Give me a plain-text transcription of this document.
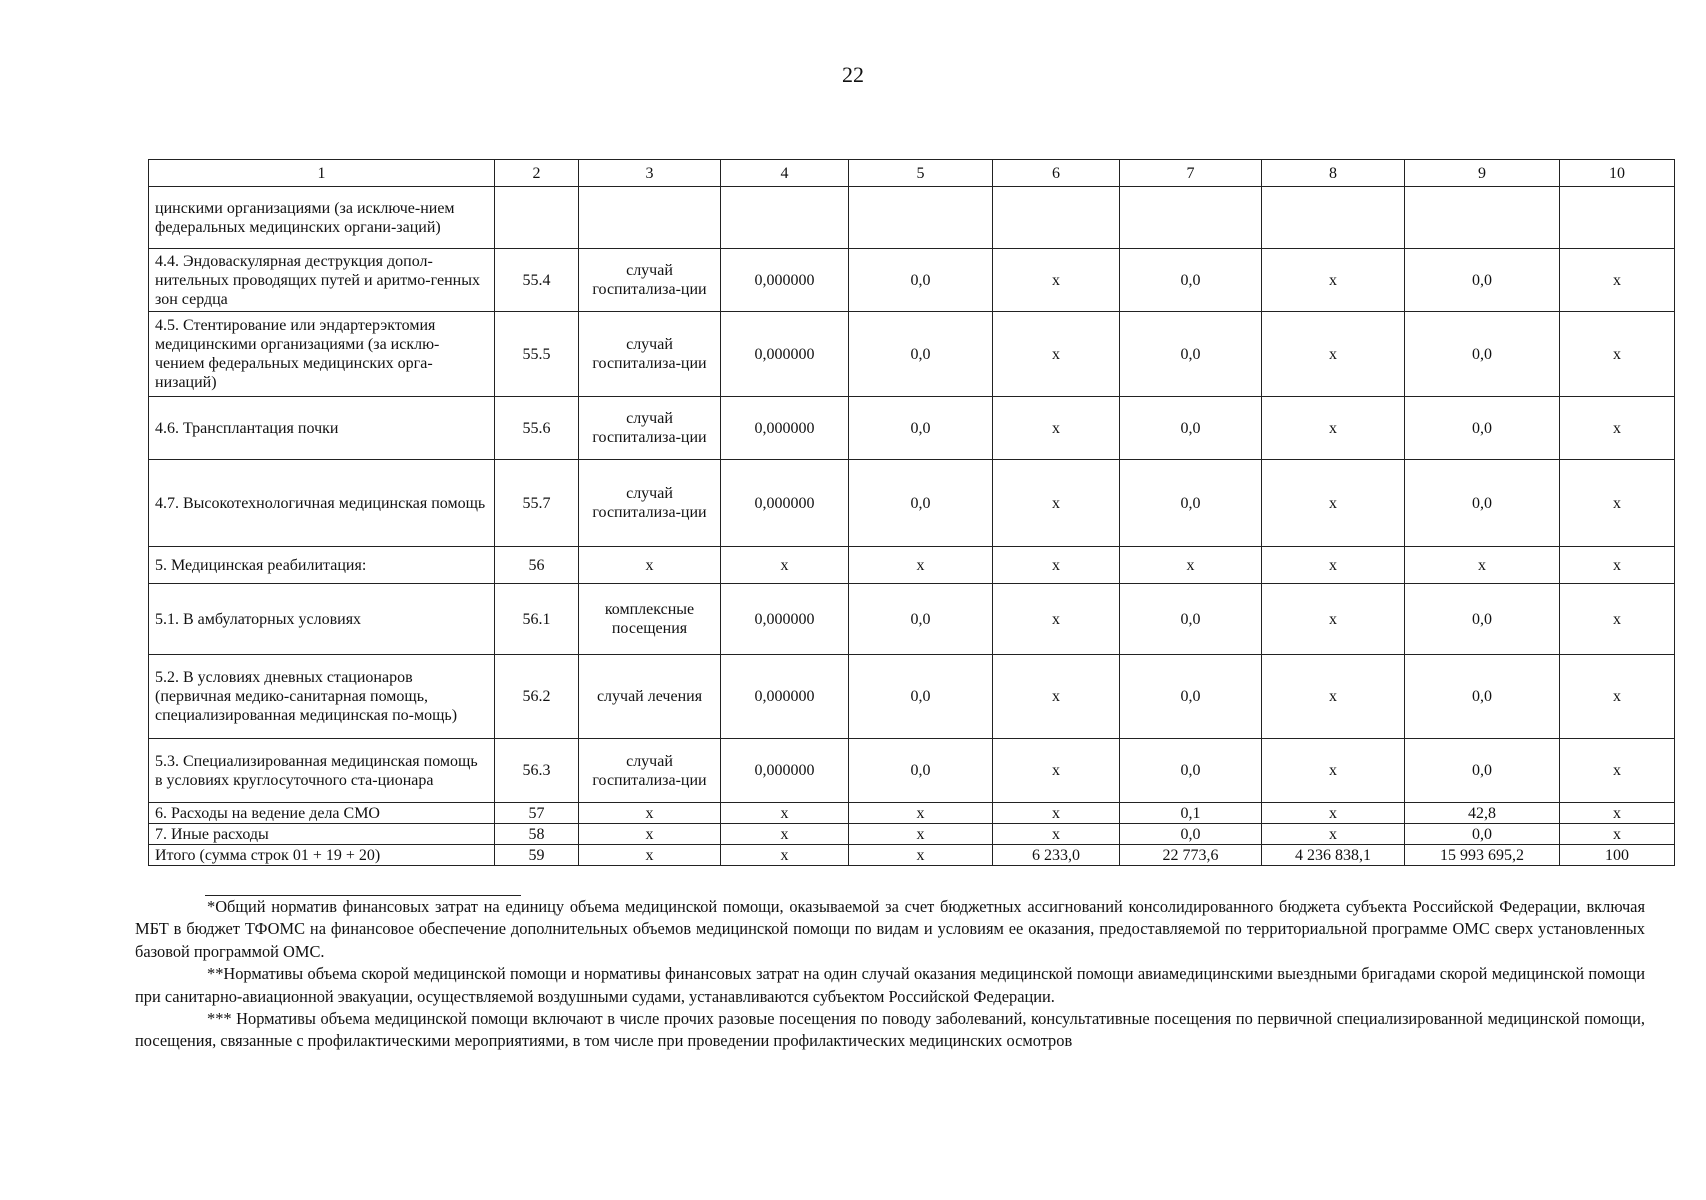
22
1	2	3	4	5	6	7	8	9	10
цинскими организациями (за исключе-нием федеральных медицинских органи-заций)									
4.4. Эндоваскулярная деструкция допол-нительных проводящих путей и аритмо-генных зон сердца	55.4	случай госпитализа-ции	0,000000	0,0	x	0,0	x	0,0	x
4.5. Стентирование или эндартерэктомия медицинскими организациями (за исклю-чением федеральных медицинских орга-низаций)	55.5	случай госпитализа-ции	0,000000	0,0	x	0,0	x	0,0	x
4.6. Трансплантация почки	55.6	случай госпитализа-ции	0,000000	0,0	x	0,0	x	0,0	x
4.7. Высокотехнологичная медицинская помощь	55.7	случай госпитализа-ции	0,000000	0,0	x	0,0	x	0,0	x
5. Медицинская реабилитация:	56	x	x	x	x	x	x	x	x
5.1. В амбулаторных условиях	56.1	комплексные посещения	0,000000	0,0	x	0,0	x	0,0	x
5.2. В условиях дневных стационаров (первичная медико-санитарная помощь, специализированная медицинская по-мощь)	56.2	случай лечения	0,000000	0,0	x	0,0	x	0,0	x
5.3. Специализированная медицинская помощь в условиях круглосуточного ста-ционара	56.3	случай госпитализа-ции	0,000000	0,0	x	0,0	x	0,0	x
6. Расходы на ведение дела СМО	57	x	x	x	x	0,1	x	42,8	x
7. Иные расходы	58	x	x	x	x	0,0	x	0,0	x
Итого (сумма строк 01 + 19 + 20)	59	x	x	x	6 233,0	22 773,6	4 236 838,1	15 993 695,2	100

*Общий норматив финансовых затрат на единицу объема медицинской помощи, оказываемой за счет бюджетных ассигнований консолидированного бюджета субъекта Российской Федерации, включая МБТ в бюджет ТФОМС на финансовое обеспечение дополнительных объемов медицинской помощи по видам и условиям ее оказания, предоставляемой по территориальной программе ОМС сверх установленных базовой программой ОМС.

**Нормативы объема скорой медицинской помощи и нормативы финансовых затрат на один случай оказания медицинской помощи авиамедицинскими выездными бригадами скорой медицинской помощи при санитарно-авиационной эвакуации, осуществляемой воздушными судами, устанавливаются субъектом Российской Федерации.

*** Нормативы объема медицинской помощи включают в числе прочих разовые посещения по поводу заболеваний, консультативные посещения по первичной специализированной медицинской помощи, посещения, связанные с профилактическими мероприятиями, в том числе при проведении профилактических медицинских осмотров
